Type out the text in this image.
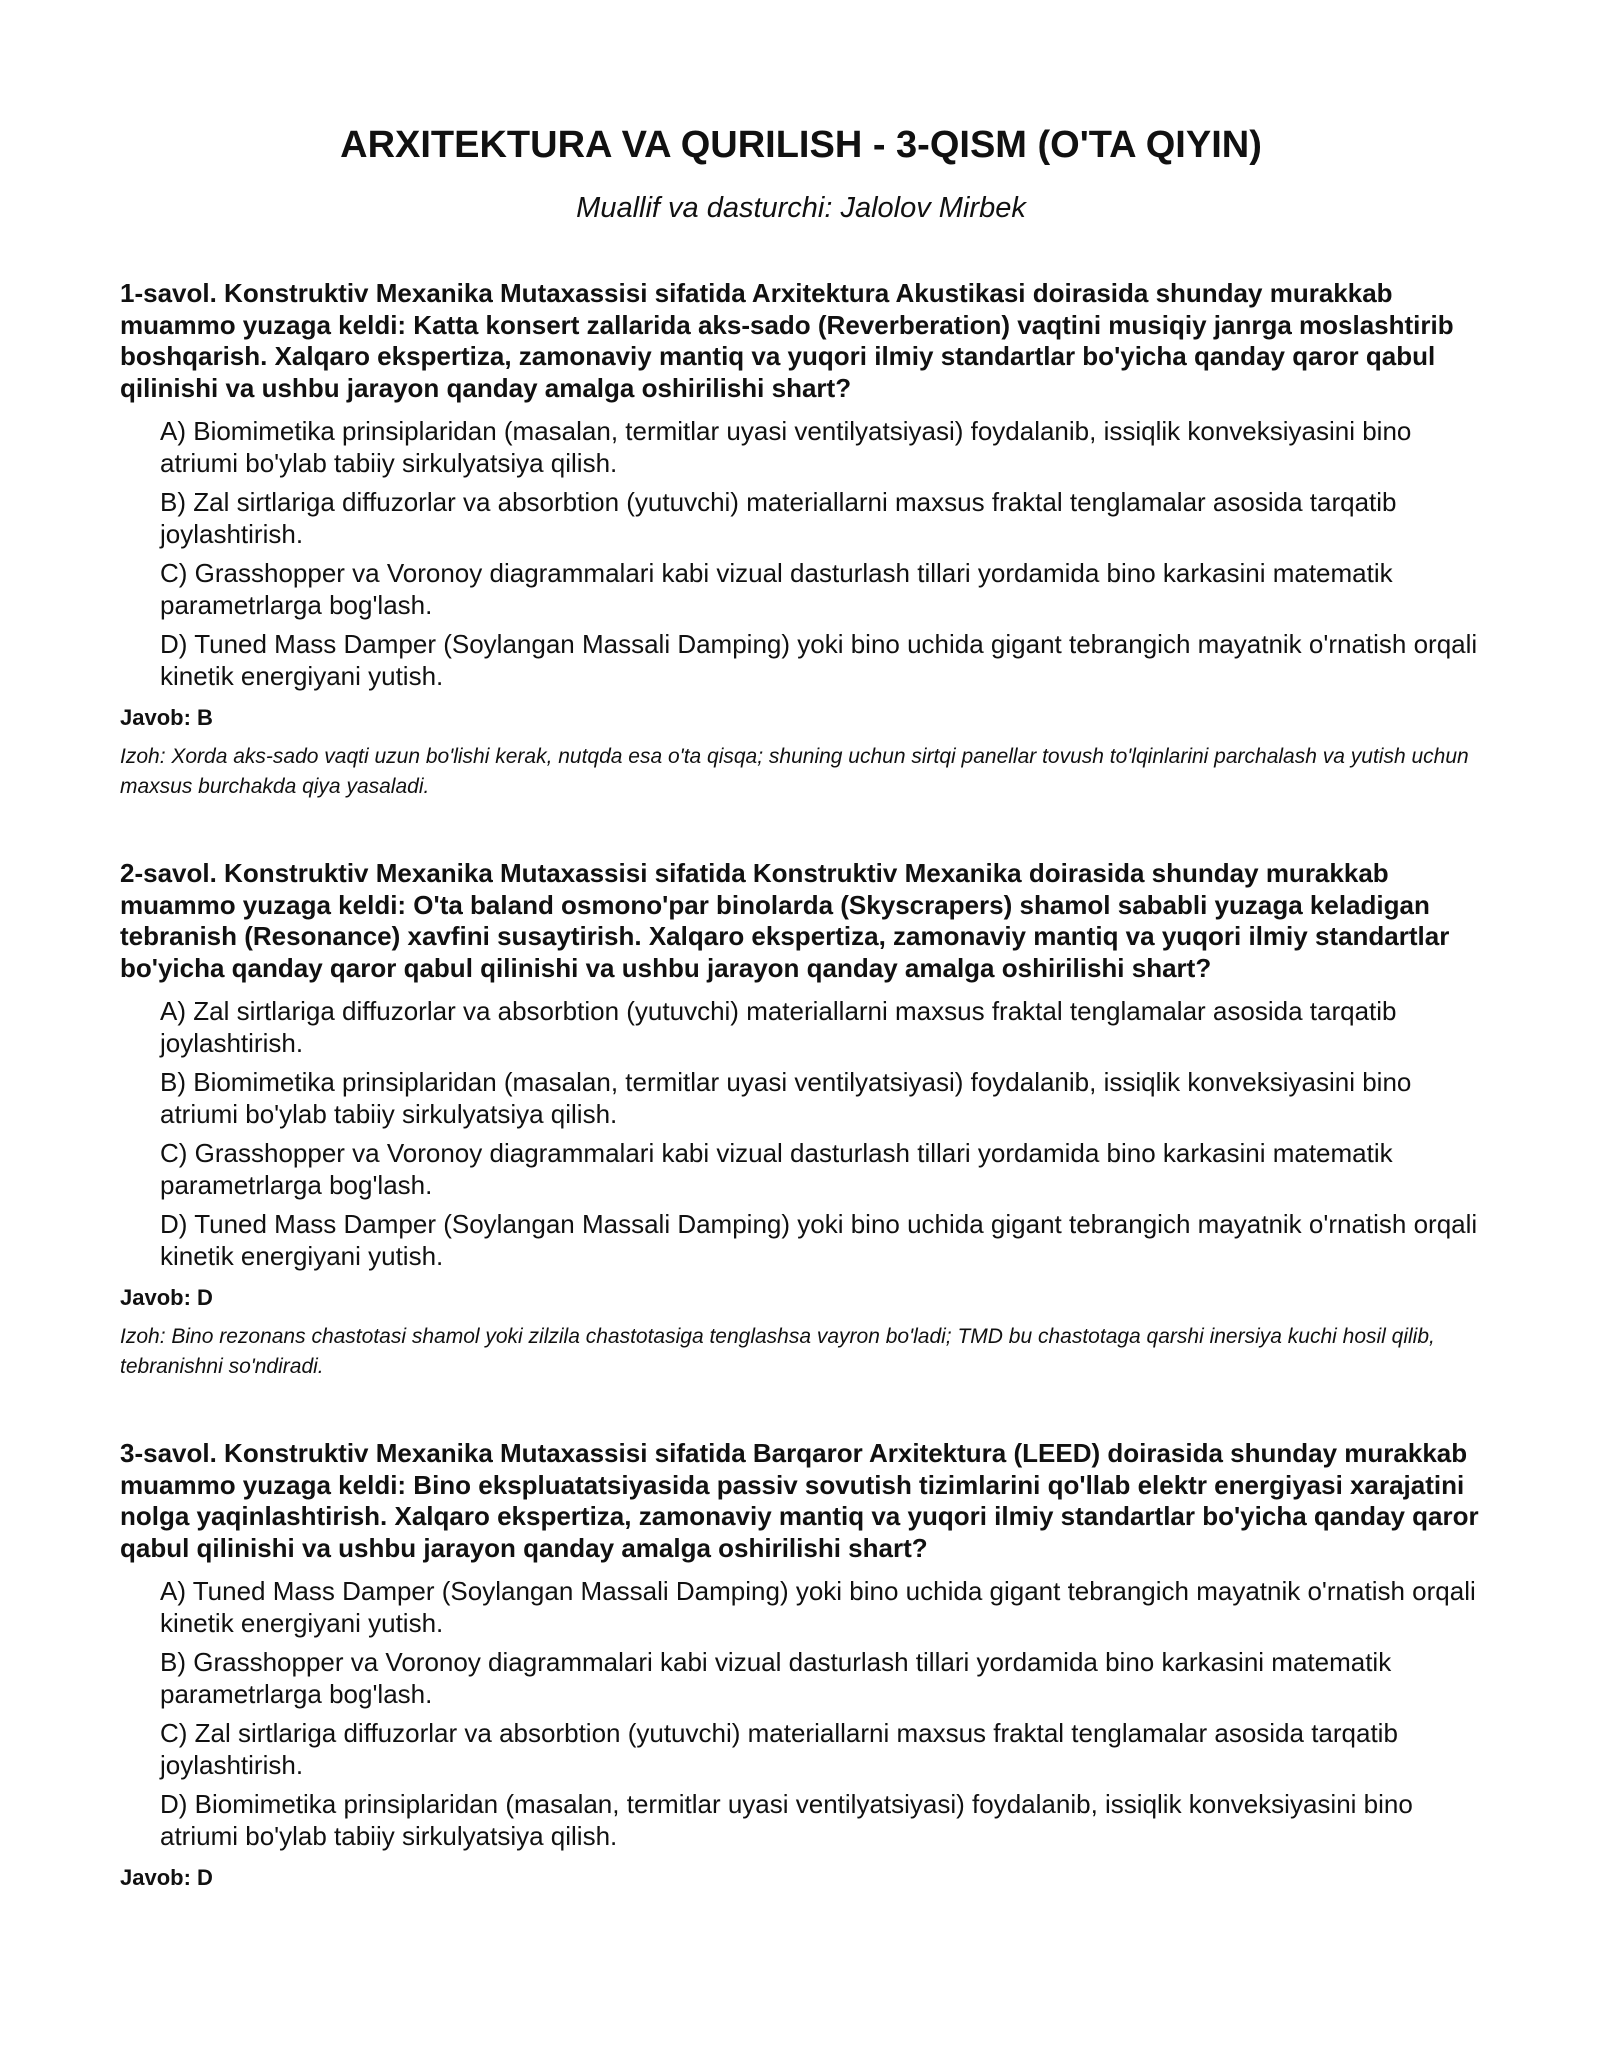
ARXITEKTURA VA QURILISH - 3-QISM (O'TA QIYIN)

Muallif va dasturchi: Jalolov Mirbek

1-savol. Konstruktiv Mexanika Mutaxassisi sifatida Arxitektura Akustikasi doirasida shunday murakkab muammo yuzaga keldi: Katta konsert zallarida aks-sado (Reverberation) vaqtini musiqiy janrga moslashtirib boshqarish. Xalqaro ekspertiza, zamonaviy mantiq va yuqori ilmiy standartlar bo'yicha qanday qaror qabul qilinishi va ushbu jarayon qanday amalga oshirilishi shart?

A) Biomimetika prinsiplaridan (masalan, termitlar uyasi ventilyatsiyasi) foydalanib, issiqlik konveksiyasini bino atriumi bo'ylab tabiiy sirkulyatsiya qilish.
B) Zal sirtlariga diffuzorlar va absorbtion (yutuvchi) materiallarni maxsus fraktal tenglamalar asosida tarqatib joylashtirish.
C) Grasshopper va Voronoy diagrammalari kabi vizual dasturlash tillari yordamida bino karkasini matematik parametrlarga bog'lash.
D) Tuned Mass Damper (Soylangan Massali Damping) yoki bino uchida gigant tebrangich mayatnik o'rnatish orqali kinetik energiyani yutish.

Javob: B

Izoh: Xorda aks-sado vaqti uzun bo'lishi kerak, nutqda esa o'ta qisqa; shuning uchun sirtqi panellar tovush to'lqinlarini parchalash va yutish uchun maxsus burchakda qiya yasaladi.

2-savol. Konstruktiv Mexanika Mutaxassisi sifatida Konstruktiv Mexanika doirasida shunday murakkab muammo yuzaga keldi: O'ta baland osmono'par binolarda (Skyscrapers) shamol sababli yuzaga keladigan tebranish (Resonance) xavfini susaytirish. Xalqaro ekspertiza, zamonaviy mantiq va yuqori ilmiy standartlar bo'yicha qanday qaror qabul qilinishi va ushbu jarayon qanday amalga oshirilishi shart?

A) Zal sirtlariga diffuzorlar va absorbtion (yutuvchi) materiallarni maxsus fraktal tenglamalar asosida tarqatib joylashtirish.
B) Biomimetika prinsiplaridan (masalan, termitlar uyasi ventilyatsiyasi) foydalanib, issiqlik konveksiyasini bino atriumi bo'ylab tabiiy sirkulyatsiya qilish.
C) Grasshopper va Voronoy diagrammalari kabi vizual dasturlash tillari yordamida bino karkasini matematik parametrlarga bog'lash.
D) Tuned Mass Damper (Soylangan Massali Damping) yoki bino uchida gigant tebrangich mayatnik o'rnatish orqali kinetik energiyani yutish.

Javob: D

Izoh: Bino rezonans chastotasi shamol yoki zilzila chastotasiga tenglashsa vayron bo'ladi; TMD bu chastotaga qarshi inersiya kuchi hosil qilib, tebranishni so'ndiradi.

3-savol. Konstruktiv Mexanika Mutaxassisi sifatida Barqaror Arxitektura (LEED) doirasida shunday murakkab muammo yuzaga keldi: Bino ekspluatatsiyasida passiv sovutish tizimlarini qo'llab elektr energiyasi xarajatini nolga yaqinlashtirish. Xalqaro ekspertiza, zamonaviy mantiq va yuqori ilmiy standartlar bo'yicha qanday qaror qabul qilinishi va ushbu jarayon qanday amalga oshirilishi shart?

A) Tuned Mass Damper (Soylangan Massali Damping) yoki bino uchida gigant tebrangich mayatnik o'rnatish orqali kinetik energiyani yutish.
B) Grasshopper va Voronoy diagrammalari kabi vizual dasturlash tillari yordamida bino karkasini matematik parametrlarga bog'lash.
C) Zal sirtlariga diffuzorlar va absorbtion (yutuvchi) materiallarni maxsus fraktal tenglamalar asosida tarqatib joylashtirish.
D) Biomimetika prinsiplaridan (masalan, termitlar uyasi ventilyatsiyasi) foydalanib, issiqlik konveksiyasini bino atriumi bo'ylab tabiiy sirkulyatsiya qilish.

Javob: D
